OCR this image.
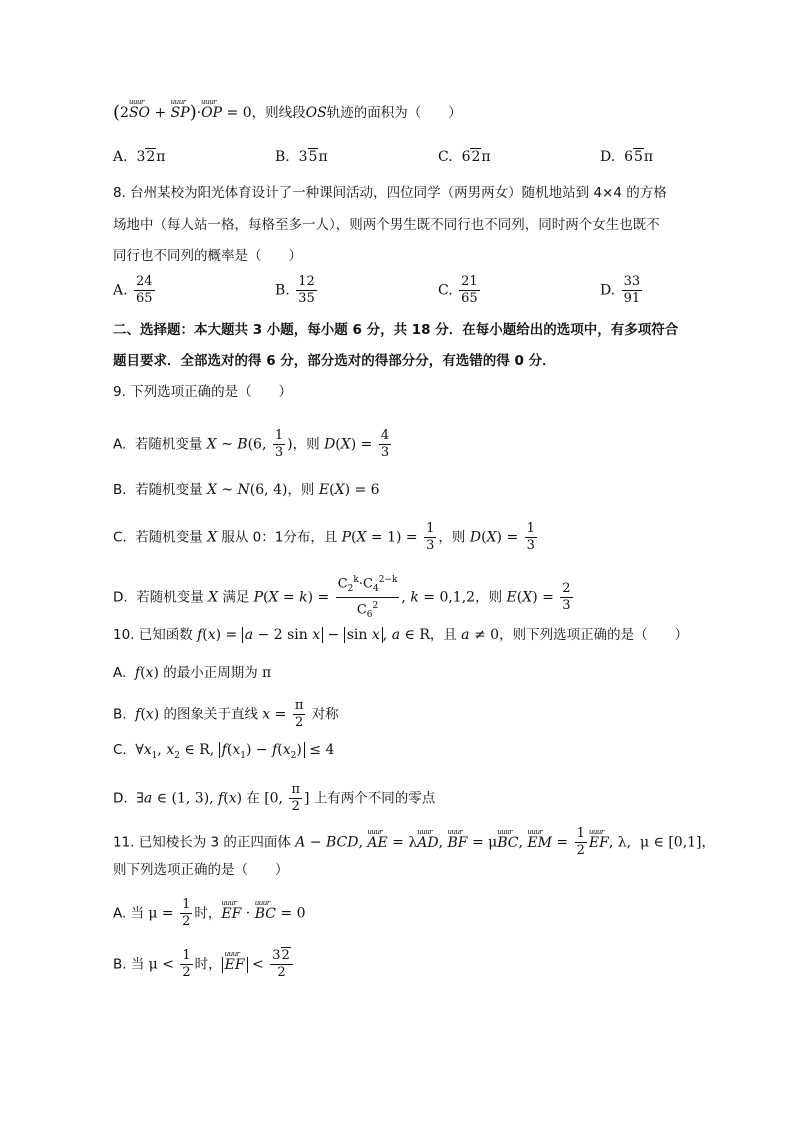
(2uuur SO + uuur SP)·uuur OP = 0，则线段OS轨迹的面积为（　　）
A.  32π	B.  35π	C.  62π	D.  65π
8. 台州某校为阳光体育设计了一种课间活动，四位同学（两男两女）随机地站到 4×4 的方格
场地中（每人站一格，每格至多一人），则两个男生既不同行也不同列，同时两个女生也既不
同行也不同列的概率是（　　）
A. $\frac{24}{65}$	B. $\frac{12}{35}$	C. $\frac{21}{65}$	D. $\frac{33}{91}$
二、选择题：本大题共 3 小题，每小题 6 分，共 18 分．在每小题给出的选项中，有多项符合
题目要求．全部选对的得 6 分，部分选对的得部分分，有选错的得 0 分．
9. 下列选项正确的是（　　）
A.  若随机变量 X ~ B(6, $\frac{1}{3}$ )，则 $D(X) = \frac{4}{3}$
B.  若随机变量 X ~ N(6, 4)，则 E(X) = 6
C.  若随机变量 X 服从 0：1分布，且 $P(X = 1) = \frac{1}{3}$ ，则 $D(X) = \frac{1}{3}$
D.  若随机变量 X 满足 $P(X = k) = \frac{C_2^k\cdot C_4^{2-k}}{C_6^2}$ , k = 0,1,2，则 $E(X) = \frac{2}{3}$
10. 已知函数 f(x) = a − 2 sin x − sin x , a ∈ R，且 a ≠ 0，则下列选项正确的是（　　）
A.  f(x) 的最小正周期为 π
B.  f(x) 的图象关于直线 $x = \frac{\pi}{2}$ 对称
C.  $\forall x_1$, $x_2$ ∈ R, $f(x_1) - f(x_2) \le 4$
D.  ∃a ∈ (1, 3), f(x) 在 [0, $\frac{\pi}{2}$ ] 上有两个不同的零点
11. 已知棱长为 3 的正四面体 A − BCD, uuur AE = λuuur AD, uuur BF = μuuur BC, uuur EM = $\frac{1}{2}$ uuur EF, λ,  μ ∈ [0,1]，
则下列选项正确的是（　　）
A. 当 $\mu = \frac{1}{2}$ 时，uuur EF · uuur BC = 0
B. 当 $\mu < \frac{1}{2}$ 时， uuur EF < $\frac{32}{2}$
